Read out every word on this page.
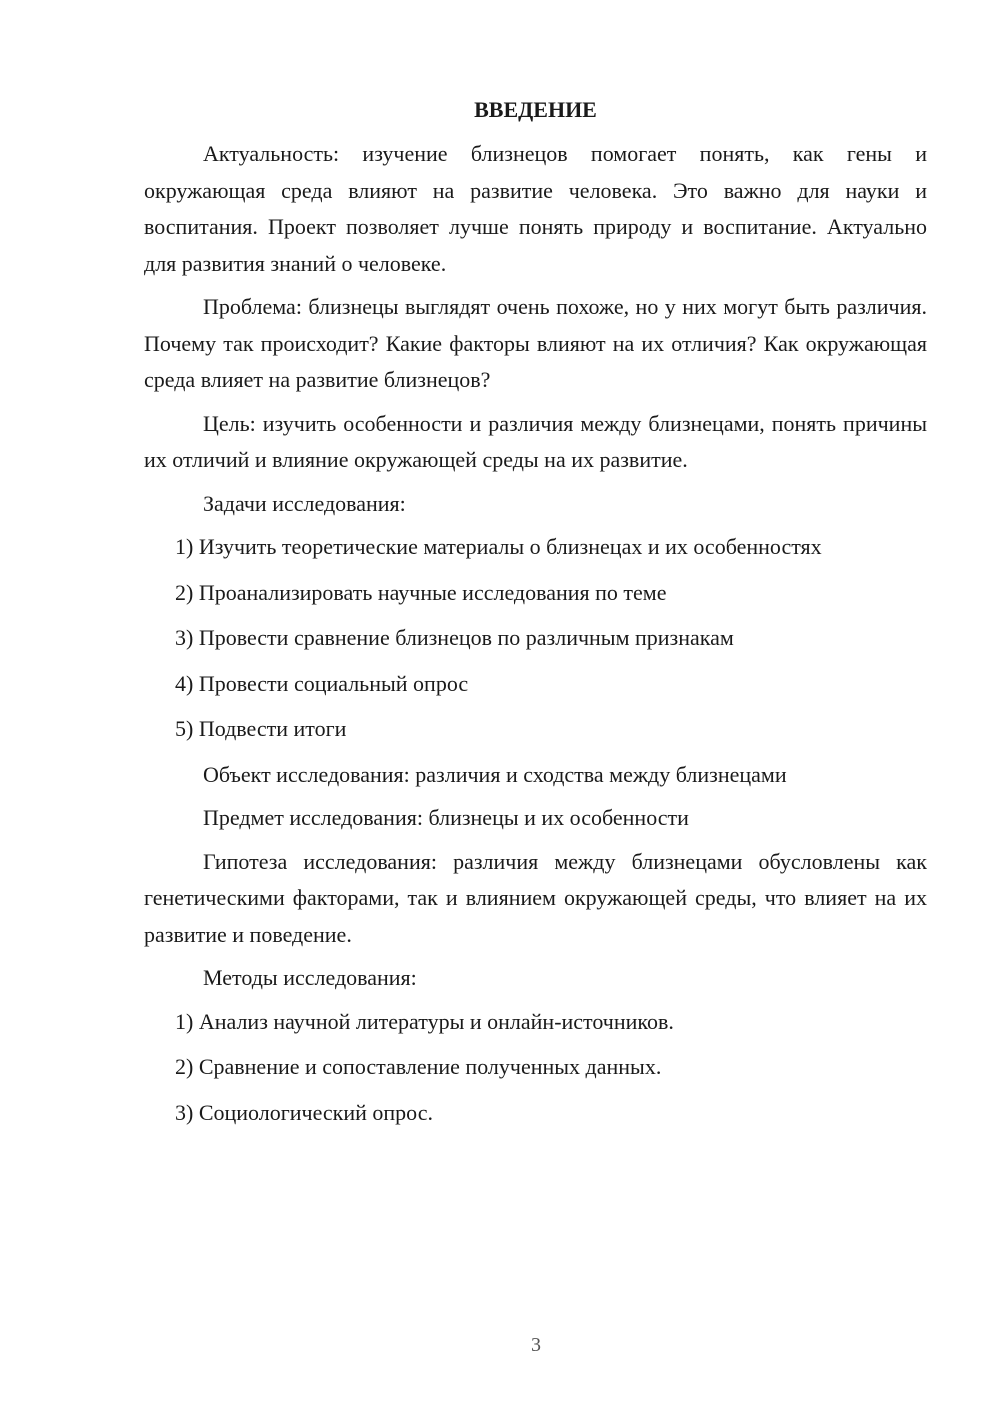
ВВЕДЕНИЕ

Актуальность: изучение близнецов помогает понять, как гены и окружающая среда влияют на развитие человека. Это важно для науки и воспитания. Проект позволяет лучше понять природу и воспитание. Актуально для развития знаний о человеке.

Проблема: близнецы выглядят очень похоже, но у них могут быть различия. Почему так происходит? Какие факторы влияют на их отличия? Как окружающая среда влияет на развитие близнецов?

Цель: изучить особенности и различия между близнецами, понять причины их отличий и влияние окружающей среды на их развитие.

Задачи исследования:

1) Изучить теоретические материалы о близнецах и их особенностях
2) Проанализировать научные исследования по теме
3) Провести сравнение близнецов по различным признакам
4) Провести социальный опрос
5) Подвести итоги

Объект исследования: различия и сходства между близнецами

Предмет исследования: близнецы и их особенности

Гипотеза исследования: различия между близнецами обусловлены как генетическими факторами, так и влиянием окружающей среды, что влияет на их развитие и поведение.

Методы исследования:

1) Анализ научной литературы и онлайн-источников.
2) Сравнение и сопоставление полученных данных.
3) Социологический опрос.
3
